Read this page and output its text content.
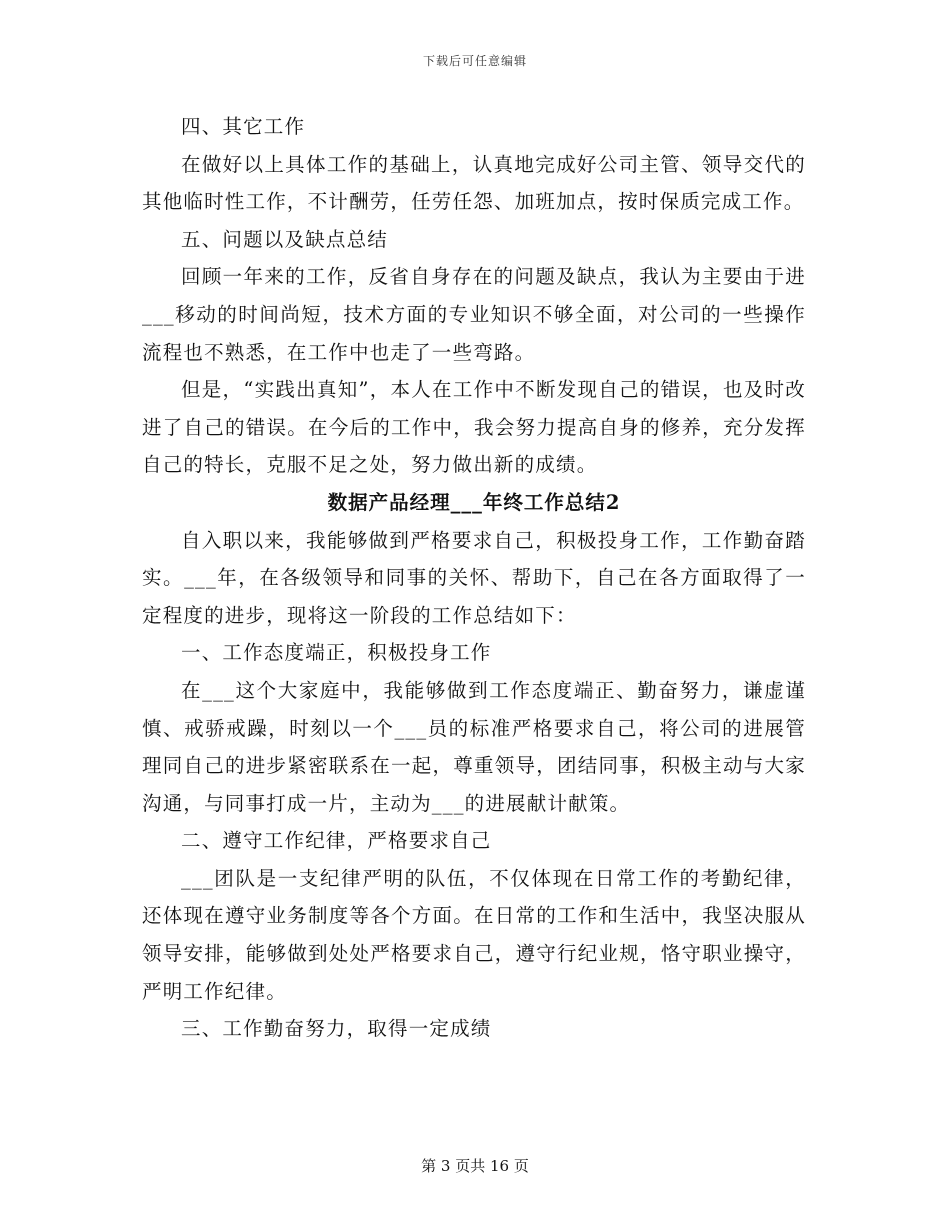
下载后可任意编辑

四、其它工作

在做好以上具体工作的基础上，认真地完成好公司主管、领导交代的其他临时性工作，不计酬劳，任劳任怨、加班加点，按时保质完成工作。

五、问题以及缺点总结

回顾一年来的工作，反省自身存在的问题及缺点，我认为主要由于进___移动的时间尚短，技术方面的专业知识不够全面，对公司的一些操作流程也不熟悉，在工作中也走了一些弯路。

但是，“实践出真知”，本人在工作中不断发现自己的错误，也及时改进了自己的错误。在今后的工作中，我会努力提高自身的修养，充分发挥自己的特长，克服不足之处，努力做出新的成绩。

数据产品经理___年终工作总结2

自入职以来，我能够做到严格要求自己，积极投身工作，工作勤奋踏实。___年，在各级领导和同事的关怀、帮助下，自己在各方面取得了一定程度的进步，现将这一阶段的工作总结如下：

一、工作态度端正，积极投身工作

在___这个大家庭中，我能够做到工作态度端正、勤奋努力，谦虚谨慎、戒骄戒躁，时刻以一个___员的标准严格要求自己，将公司的进展管理同自己的进步紧密联系在一起，尊重领导，团结同事，积极主动与大家沟通，与同事打成一片，主动为___的进展献计献策。

二、遵守工作纪律，严格要求自己

___团队是一支纪律严明的队伍，不仅体现在日常工作的考勤纪律，还体现在遵守业务制度等各个方面。在日常的工作和生活中，我坚决服从领导安排，能够做到处处严格要求自己，遵守行纪业规，恪守职业操守，严明工作纪律。

三、工作勤奋努力，取得一定成绩

第 3 页共 16 页
